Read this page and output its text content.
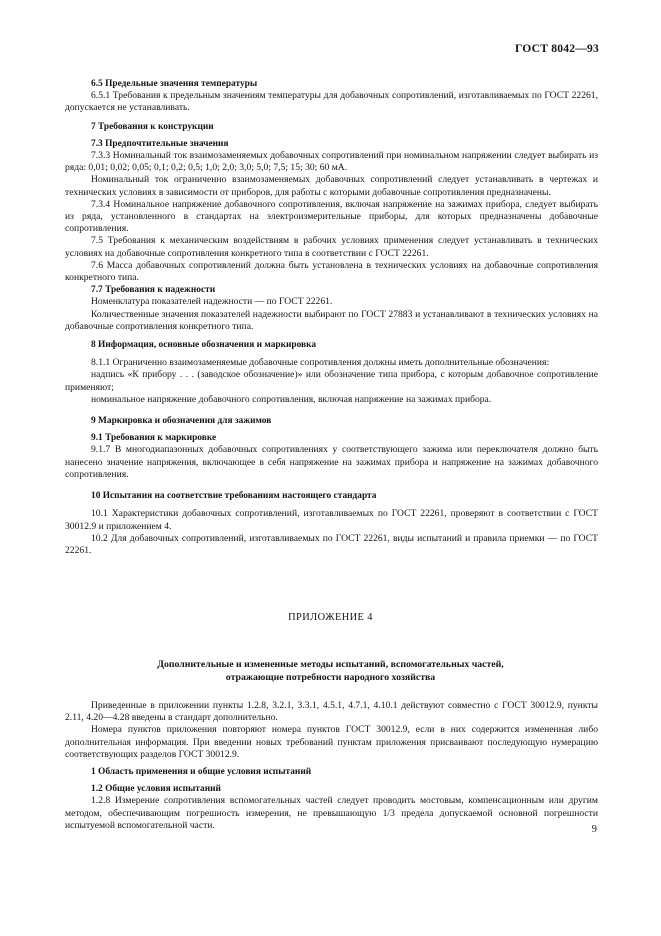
ГОСТ 8042—93

6.5 Предельные значения температуры

6.5.1 Требования к предельным значениям температуры для добавочных сопротивлений, изготавливаемых по ГОСТ 22261, допускается не устанавливать.

7 Требования к конструкции

7.3 Предпочтительные значения

7.3.3 Номинальный ток взаимозаменяемых добавочных сопротивлений при номинальном напряжении следует выбирать из ряда: 0,01; 0,02; 0,05; 0,1; 0,2; 0,5; 1,0; 2,0; 3,0; 5,0; 7,5; 15; 30; 60 мА.

Номинальный ток ограниченно взаимозаменяемых добавочных сопротивлений следует устанавливать в чертежах и технических условиях в зависимости от приборов, для работы с которыми добавочные сопротивления предназначены.

7.3.4 Номинальное напряжение добавочного сопротивления, включая напряжение на зажимах прибора, следует выбирать из ряда, установленного в стандартах на электроизмерительные приборы, для которых предназначены добавочные сопротивления.

7.5 Требования к механическим воздействиям в рабочих условиях применения следует устанавливать в технических условиях на добавочные сопротивления конкретного типа в соответствии с ГОСТ 22261.

7.6 Масса добавочных сопротивлений должна быть установлена в технических условиях на добавочные сопротивления конкретного типа.

7.7 Требования к надежности

Номенклатура показателей надежности — по ГОСТ 22261.

Количественные значения показателей надежности выбирают по ГОСТ 27883 и устанавливают в технических условиях на добавочные сопротивления конкретного типа.

8 Информация, основные обозначения и маркировка

8.1.1 Ограниченно взаимозаменяемые добавочные сопротивления должны иметь дополнительные обозначения:

надпись «К прибору . . . (заводское обозначение)» или обозначение типа прибора, с которым добавочное сопротивление применяют;

номинальное напряжение добавочного сопротивления, включая напряжение на зажимах прибора.

9 Маркировка и обозначения для зажимов

9.1 Требования к маркировке

9.1.7 В многодиапазонных добавочных сопротивлениях у соответствующего зажима или переключателя должно быть нанесено значение напряжения, включающее в себя напряжение на зажимах прибора и напряжение на зажимах добавочного сопротивления.

10 Испытания на соответствие требованиям настоящего стандарта

10.1 Характеристики добавочных сопротивлений, изготавливаемых по ГОСТ 22261, проверяют в соответствии с ГОСТ 30012.9 и приложением 4.

10.2 Для добавочных сопротивлений, изготавливаемых по ГОСТ 22261, виды испытаний и правила приемки — по ГОСТ 22261.

ПРИЛОЖЕНИЕ 4
Дополнительные и измененные методы испытаний, вспомогательных частей,
отражающие потребности народного хозяйства

Приведенные в приложении пункты 1.2.8, 3.2.1, 3.3.1, 4.5.1, 4.7.1, 4.10.1 действуют совместно с ГОСТ 30012.9, пункты 2.11, 4.20—4.28 введены в стандарт дополнительно.

Номера пунктов приложения повторяют номера пунктов ГОСТ 30012.9, если в них содержится измененная либо дополнительная информация. При введении новых требований пунктам приложения присваивают последующую нумерацию соответствующих разделов ГОСТ 30012.9.

1 Область применения и общие условия испытаний

1.2 Общие условия испытаний

1.2.8 Измерение сопротивления вспомогательных частей следует проводить мостовым, компенсационным или другим методом, обеспечивающим погрешность измерения, не превышающую 1/3 предела допускаемой основной погрешности испытуемой вспомогательной части.	9
